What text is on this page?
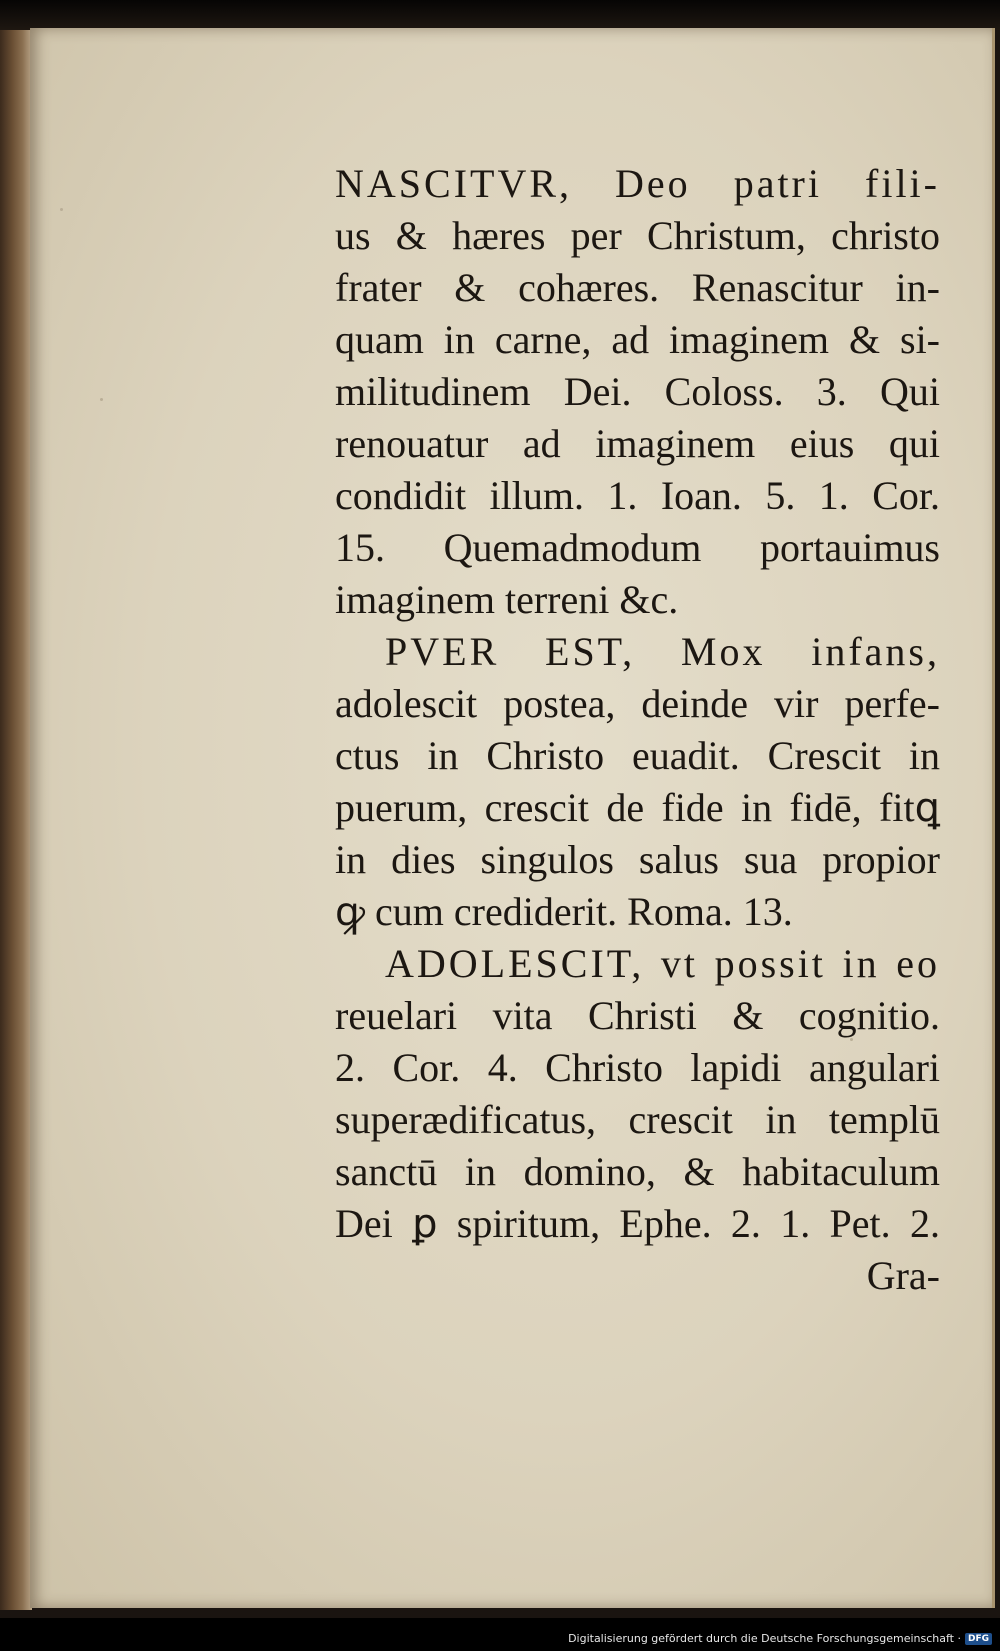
NASCITVR, Deo patri fili-
us & hæres per Christum, christo
frater & cohæres. Renascitur in-
quam in carne, ad imaginem & si-
militudinem Dei. Coloss. 3. Qui
renouatur ad imaginem eius qui
condidit illum. 1. Ioan. 5. 1. Cor.
15. Quemadmodum portauimus
imaginem terreni &c.
PVER EST, Mox infans,
adolescit postea, deinde vir perfe-
ctus in Christo euadit. Crescit in
puerum, crescit de fide in fidē, fitꝗ
in dies singulos salus sua propior
ꝙ cum crediderit. Roma. 13.
ADOLESCIT, vt possit in eo
reuelari vita Christi & cognitio.
2. Cor. 4. Christo lapidi angulari
superædificatus, crescit in templū
sanctū in domino, & habitaculum
Dei ꝑ spiritum, Ephe. 2. 1. Pet. 2.
Gra-
Digitalisierung gefördert durch die Deutsche Forschungsgemeinschaft · DFG
